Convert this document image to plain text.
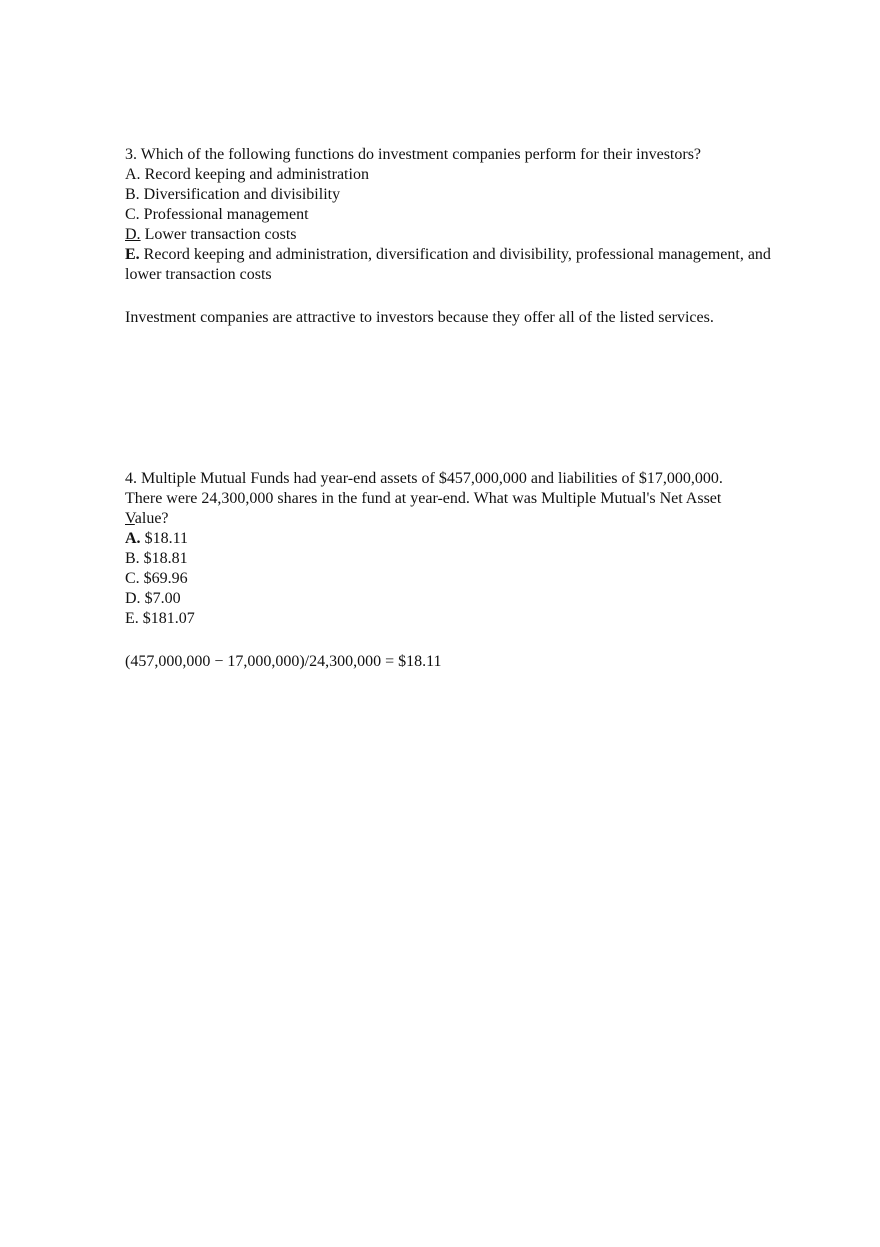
3. Which of the following functions do investment companies perform for their investors?
A. Record keeping and administration
B. Diversification and divisibility
C. Professional management
D. Lower transaction costs
E. Record keeping and administration, diversification and divisibility, professional management, and lower transaction costs
Investment companies are attractive to investors because they offer all of the listed services.
4. Multiple Mutual Funds had year-end assets of $457,000,000 and liabilities of $17,000,000.
There were 24,300,000 shares in the fund at year-end. What was Multiple Mutual's Net Asset
Value?
A. $18.11
B. $18.81
C. $69.96
D. $7.00
E. $181.07
(457,000,000 − 17,000,000)/24,300,000 = $18.11
